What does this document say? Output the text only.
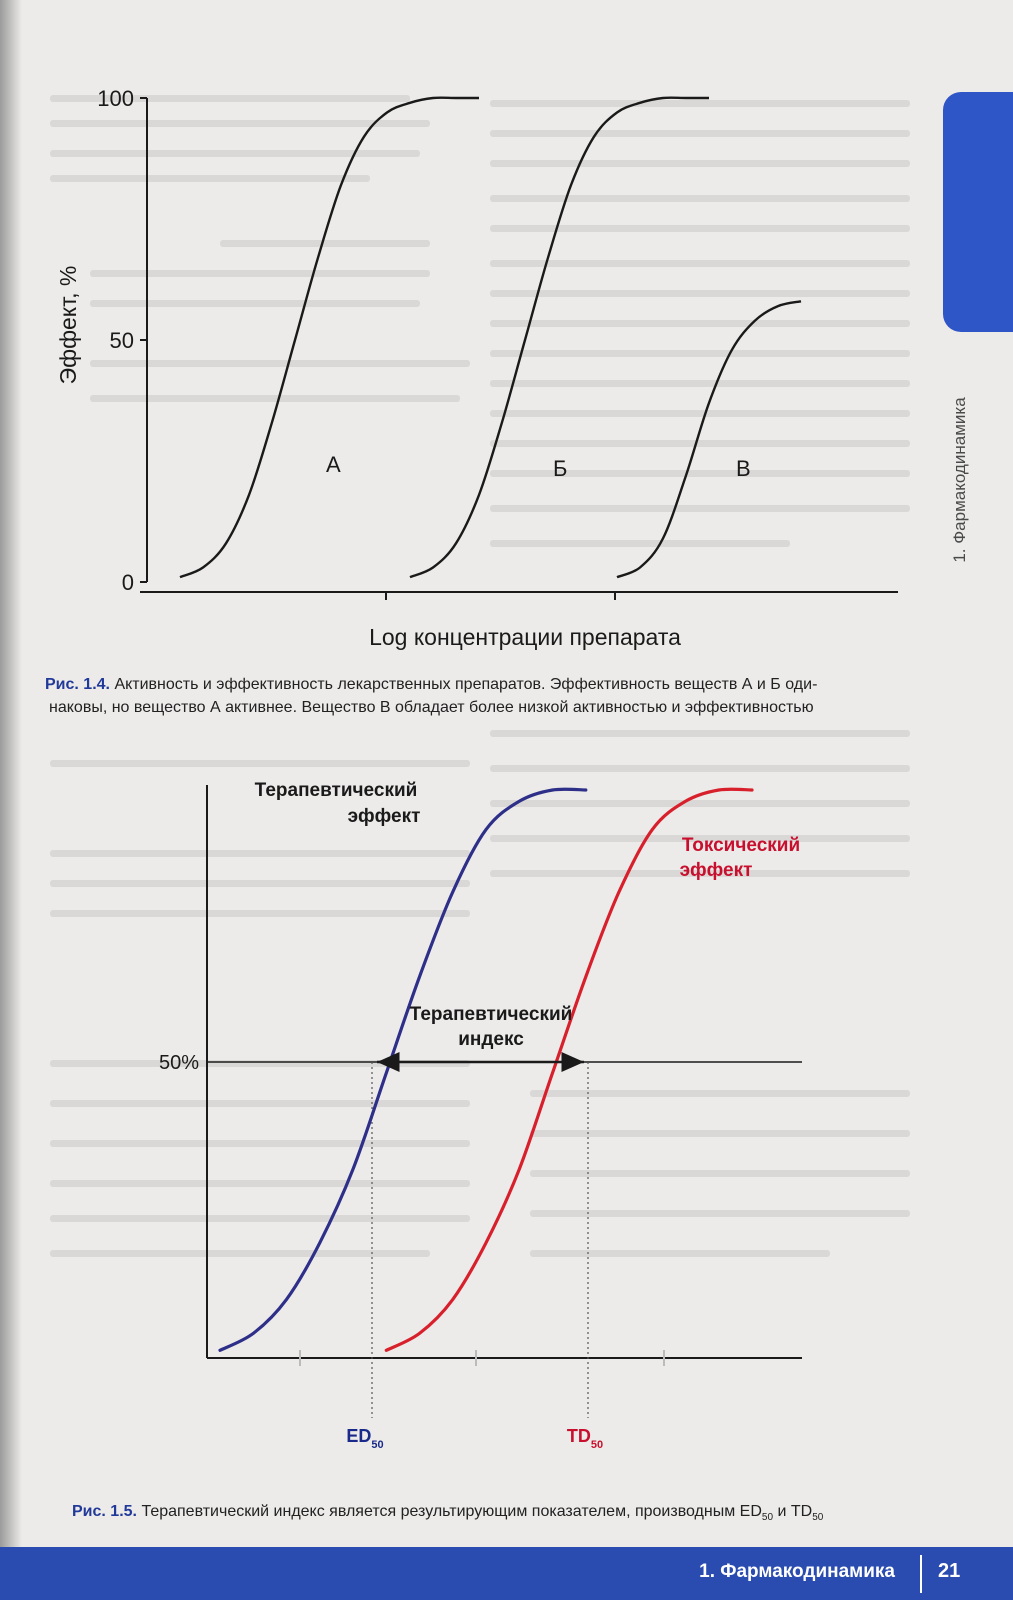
1. Фармакодинамика
0
50
100
А	Б	В
Эффект, %
Log концентрации препарата
Рис. 1.4. Активность и эффективность лекарственных препаратов. Эффективность веществ А и Б оди-
наковы, но вещество А активнее. Вещество В обладает более низкой активностью и эффективностью
50%
Терапевтический
индекс
Терапевтический
эффект
Токсический
эффект
$ED_{50}$	$TD_{50}$
Рис. 1.5. Терапевтический индекс является результирующим показателем, производным $ED_{50}$ и $TD_{50}$
1. Фармакодинамика 21
